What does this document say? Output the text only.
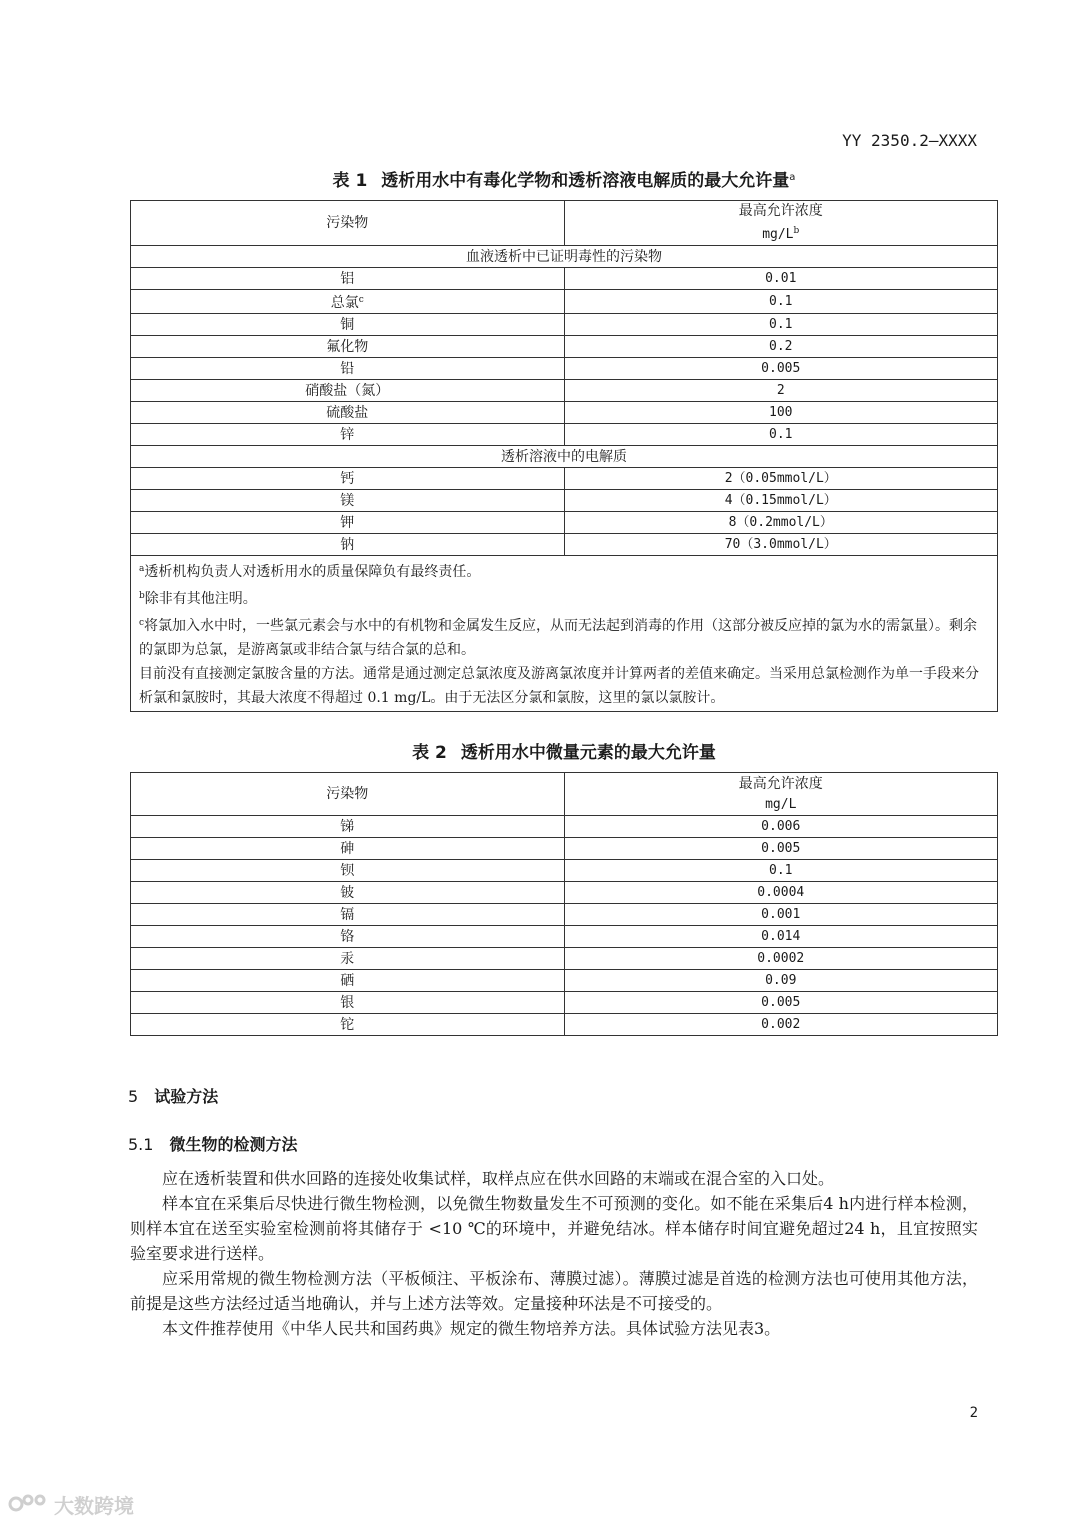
YY 2350.2—XXXX
表 1 透析用水中有毒化学物和透析溶液电解质的最大允许量$^a$
污染物	最高允许浓度
mg/L$^b$
血液透析中已证明毒性的污染物	
铝	0.01
总氯$^c$	0.1
铜	0.1
氟化物	0.2
铅	0.005
硝酸盐（氮）	2
硫酸盐	100
锌	0.1
透析溶液中的电解质	
钙	2（0.05mmol/L）
镁	4（0.15mmol/L）
钾	8（0.2mmol/L）
钠	70（3.0mmol/L）

$^a$透析机构负责人对透析用水的质量保障负有最终责任。
$^b$除非有其他注明。
$^c$将氯加入水中时，一些氯元素会与水中的有机物和金属发生反应，从而无法起到消毒的作用（这部分被反应掉的氯为水的需氯量）。剩余的氯即为总氯，是游离氯或非结合氯与结合氯的总和。
目前没有直接测定氯胺含量的方法。通常是通过测定总氯浓度及游离氯浓度并计算两者的差值来确定。当采用总氯检测作为单一手段来分析氯和氯胺时，其最大浓度不得超过 0.1 mg/L。由于无法区分氯和氯胺，这里的氯以氯胺计。	
表 2 透析用水中微量元素的最大允许量
污染物	最高允许浓度
mg/L
锑	0.006
砷	0.005
钡	0.1
铍	0.0004
镉	0.001
铬	0.014
汞	0.0002
硒	0.09
银	0.005
铊	0.002
5 试验方法
5.1 微生物的检测方法

应在透析装置和供水回路的连接处收集试样，取样点应在供水回路的末端或在混合室的入口处。

样本宜在采集后尽快进行微生物检测，以免微生物数量发生不可预测的变化。如不能在采集后4 h内进行样本检测，则样本宜在送至实验室检测前将其储存于 <10 ℃的环境中，并避免结冰。样本储存时间宜避免超过24 h，且宜按照实验室要求进行送样。

应采用常规的微生物检测方法（平板倾注、平板涂布、薄膜过滤）。薄膜过滤是首选的检测方法也可使用其他方法，前提是这些方法经过适当地确认，并与上述方法等效。定量接种环法是不可接受的。

本文件推荐使用《中华人民共和国药典》规定的微生物培养方法。具体试验方法见表3。

2
大数跨境
